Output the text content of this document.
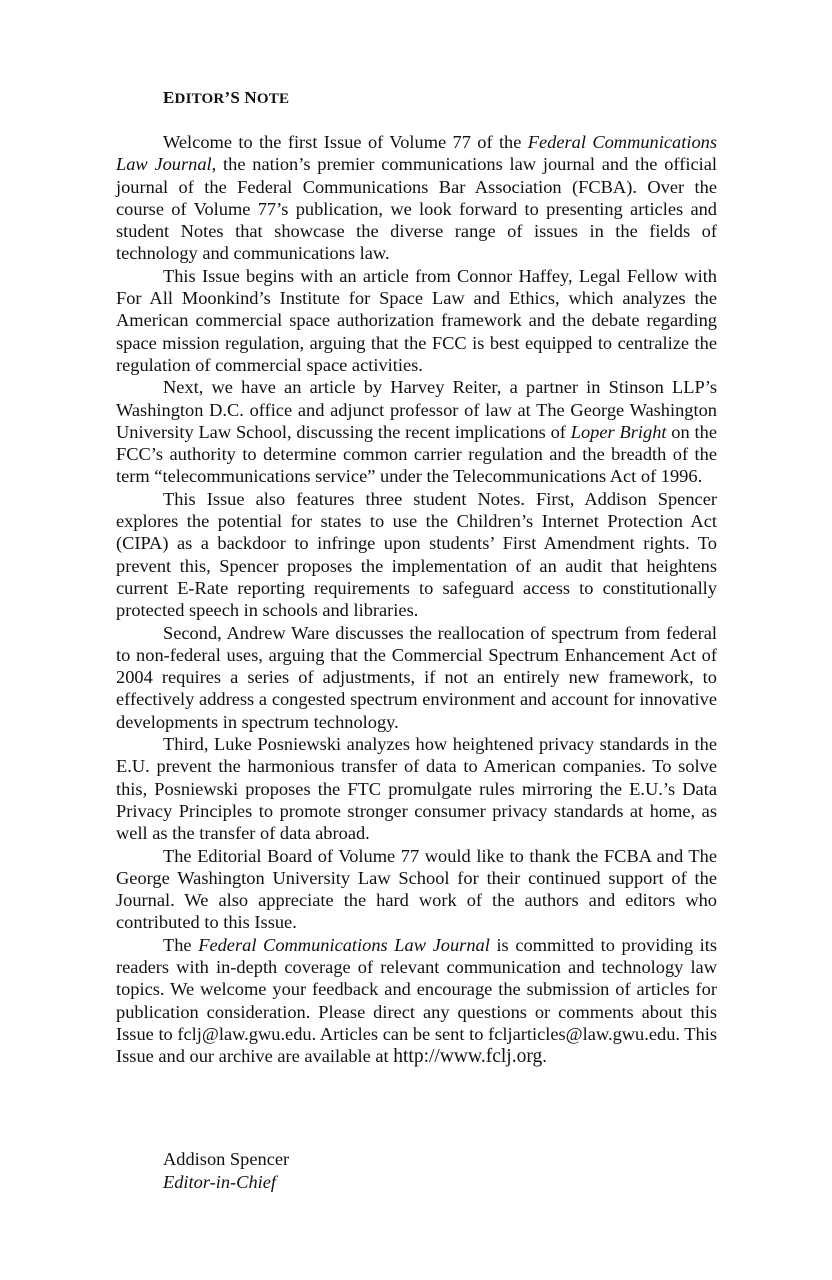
EDITOR’S NOTE

Welcome to the first Issue of Volume 77 of the Federal Communications Law Journal, the nation’s premier communications law journal and the official journal of the Federal Communications Bar Association (FCBA). Over the course of Volume 77’s publication, we look forward to presenting articles and student Notes that showcase the diverse range of issues in the fields of technology and communications law.

This Issue begins with an article from Connor Haffey, Legal Fellow with For All Moonkind’s Institute for Space Law and Ethics, which analyzes the American commercial space authorization framework and the debate regarding space mission regulation, arguing that the FCC is best equipped to centralize the regulation of commercial space activities.

Next, we have an article by Harvey Reiter, a partner in Stinson LLP’s Washington D.C. office and adjunct professor of law at The George Washington University Law School, discussing the recent implications of Loper Bright on the FCC’s authority to determine common carrier regulation and the breadth of the term “telecommunications service” under the Telecommunications Act of 1996.

This Issue also features three student Notes. First, Addison Spencer explores the potential for states to use the Children’s Internet Protection Act (CIPA) as a backdoor to infringe upon students’ First Amendment rights. To prevent this, Spencer proposes the implementation of an audit that heightens current E-Rate reporting requirements to safeguard access to constitutionally protected speech in schools and libraries.

Second, Andrew Ware discusses the reallocation of spectrum from federal to non-federal uses, arguing that the Commercial Spectrum Enhancement Act of 2004 requires a series of adjustments, if not an entirely new framework, to effectively address a congested spectrum environment and account for innovative developments in spectrum technology.

Third, Luke Posniewski analyzes how heightened privacy standards in the E.U. prevent the harmonious transfer of data to American companies. To solve this, Posniewski proposes the FTC promulgate rules mirroring the E.U.’s Data Privacy Principles to promote stronger consumer privacy standards at home, as well as the transfer of data abroad.

The Editorial Board of Volume 77 would like to thank the FCBA and The George Washington University Law School for their continued support of the Journal. We also appreciate the hard work of the authors and editors who contributed to this Issue.

The Federal Communications Law Journal is committed to providing its readers with in-depth coverage of relevant communication and technology law topics. We welcome your feedback and encourage the submission of articles for publication consideration. Please direct any questions or comments about this Issue to fclj@law.gwu.edu. Articles can be sent to fcljarticles@law.gwu.edu. This Issue and our archive are available at http://www.fclj.org.

Addison Spencer
Editor-in-Chief
